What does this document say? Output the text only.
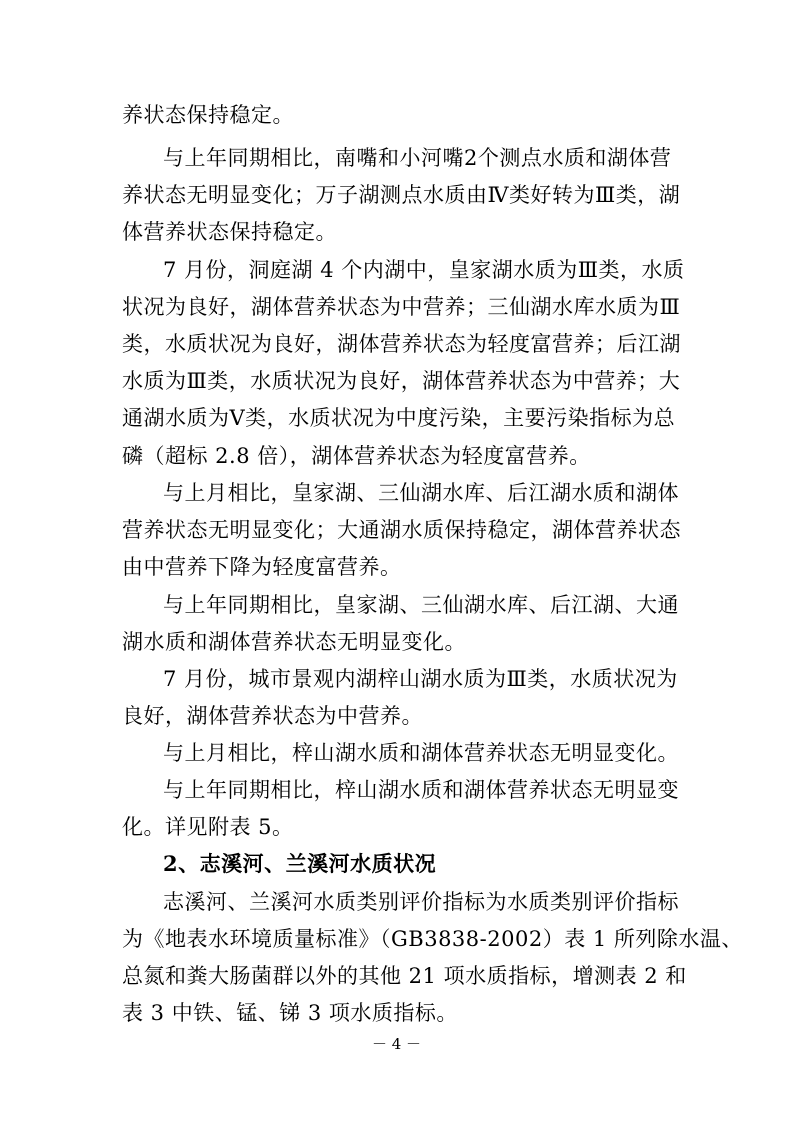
养状态保持稳定。
与上年同期相比，南嘴和小河嘴2个测点水质和湖体营
养状态无明显变化；万子湖测点水质由Ⅳ类好转为Ⅲ类，湖
体营养状态保持稳定。
7 月份，洞庭湖 4 个内湖中，皇家湖水质为Ⅲ类，水质
状况为良好，湖体营养状态为中营养；三仙湖水库水质为Ⅲ
类，水质状况为良好，湖体营养状态为轻度富营养；后江湖
水质为Ⅲ类，水质状况为良好，湖体营养状态为中营养；大
通湖水质为Ⅴ类，水质状况为中度污染，主要污染指标为总
磷（超标 2.8 倍），湖体营养状态为轻度富营养。
与上月相比，皇家湖、三仙湖水库、后江湖水质和湖体
营养状态无明显变化；大通湖水质保持稳定，湖体营养状态
由中营养下降为轻度富营养。
与上年同期相比，皇家湖、三仙湖水库、后江湖、大通
湖水质和湖体营养状态无明显变化。
7 月份，城市景观内湖梓山湖水质为Ⅲ类，水质状况为
良好，湖体营养状态为中营养。
与上月相比，梓山湖水质和湖体营养状态无明显变化。
与上年同期相比，梓山湖水质和湖体营养状态无明显变
化。详见附表 5。
2、志溪河、兰溪河水质状况
志溪河、兰溪河水质类别评价指标为水质类别评价指标
为《地表水环境质量标准》（GB3838-2002）表 1 所列除水温、
总氮和粪大肠菌群以外的其他 21 项水质指标，增测表 2 和
表 3 中铁、锰、锑 3 项水质指标。
－ 4 －
